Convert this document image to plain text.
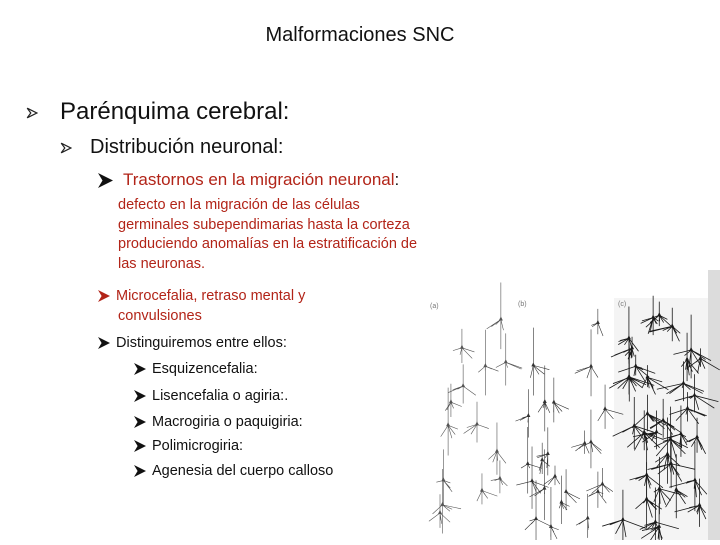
Malformaciones SNC
Parénquima cerebral:
Distribución neuronal:
Trastornos en la migración neuronal:
defecto en la migración de las células germinales subependimarias hasta la corteza produciendo anomalías en la estratificación de las neuronas.
Microcefalia, retraso mental y
convulsiones
Distinguiremos entre ellos:
Esquizencefalia:
Lisencefalia o agiria:.
Macrogiria o paquigiria:
Polimicrogiria:
Agenesia del cuerpo calloso
(a)	(b)	(c)
